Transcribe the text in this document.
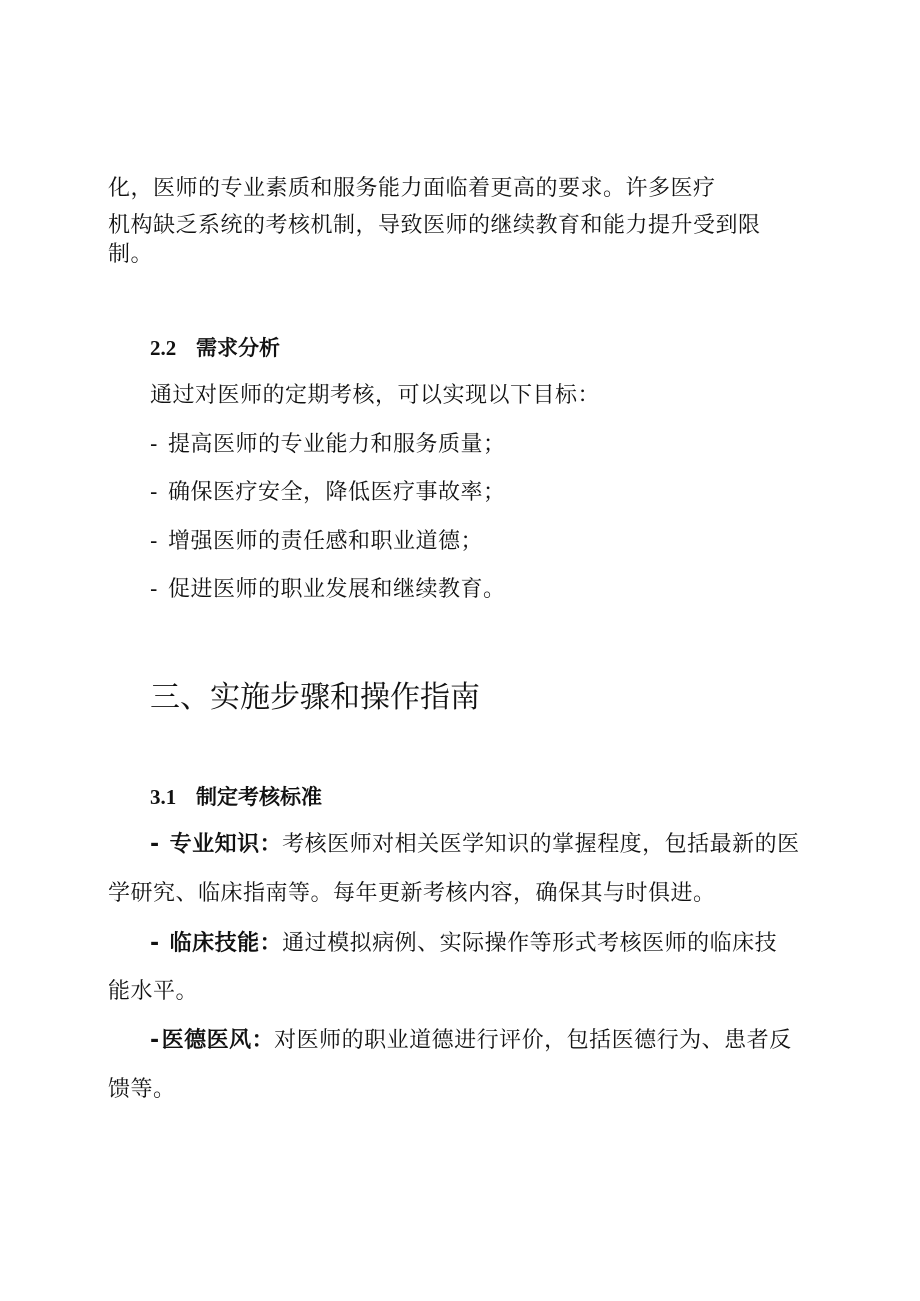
化，医师的专业素质和服务能力面临着更高的要求。许多医疗
机构缺乏系统的考核机制，导致医师的继续教育和能力提升受到限
制。
2.2 需求分析
通过对医师的定期考核，可以实现以下目标：
- 提高医师的专业能力和服务质量；
- 确保医疗安全，降低医疗事故率；
- 增强医师的责任感和职业道德；
- 促进医师的职业发展和继续教育。
三、实施步骤和操作指南
3.1 制定考核标准
- 专业知识：考核医师对相关医学知识的掌握程度，包括最新的医
学研究、临床指南等。每年更新考核内容，确保其与时俱进。
- 临床技能：通过模拟病例、实际操作等形式考核医师的临床技
能水平。
-医德医风：对医师的职业道德进行评价，包括医德行为、患者反
馈等。
